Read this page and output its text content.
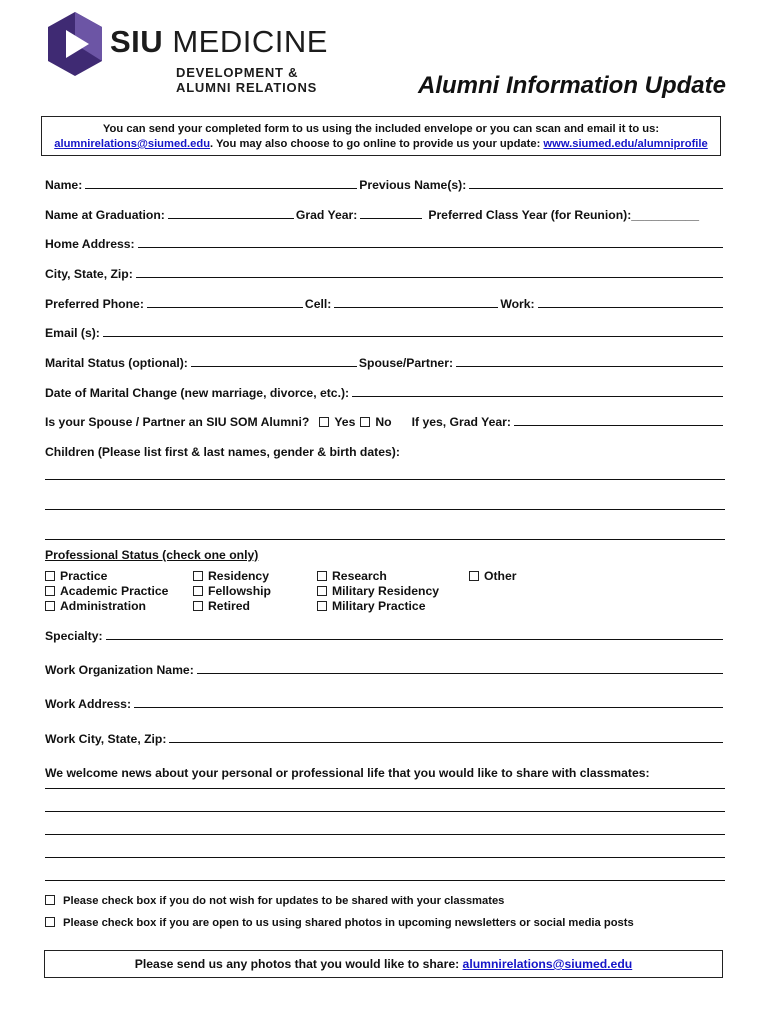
SIU MEDICINE
DEVELOPMENT &
ALUMNI RELATIONS	Alumni Information Update
You can send your completed form to us using the included envelope or you can scan and email it to us:
alumnirelations@siumed.edu. You may also choose to go online to provide us your update: www.siumed.edu/alumniprofile
Name:	Previous Name(s):
Name at Graduation:	Grad Year:	Preferred Class Year (for Reunion):__________
Home Address:
City, State, Zip:
Preferred Phone:	Cell:	Work:
Email (s):
Marital Status (optional):	Spouse/Partner:
Date of Marital Change (new marriage, divorce, etc.):
Is your Spouse / Partner an SIU SOM Alumni?	Yes	No If yes, Grad Year:
Children (Please list first & last names, gender & birth dates):
Professional Status (check one only)
Practice
Academic Practice
Administration
Residency
Fellowship
Retired
Research
Military Residency
Military Practice
Other
Specialty:
Work Organization Name:
Work Address:
Work City, State, Zip:
We welcome news about your personal or professional life that you would like to share with classmates:
Please check box if you do not wish for updates to be shared with your classmates
Please check box if you are open to us using shared photos in upcoming newsletters or social media posts
Please send us any photos that you would like to share: alumnirelations@siumed.edu
